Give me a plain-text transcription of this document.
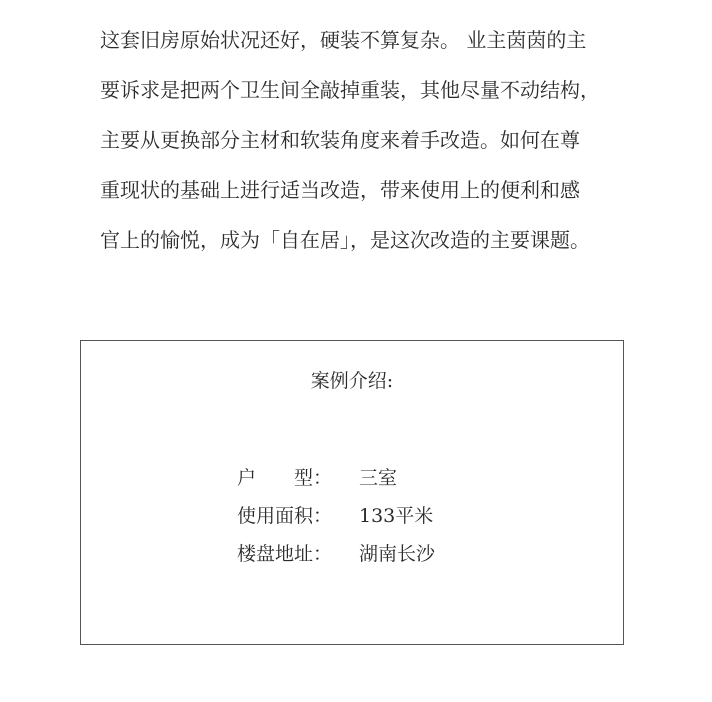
这套旧房原始状况还好，硬装不算复杂。 业主茵茵的主
要诉求是把两个卫生间全敲掉重装，其他尽量不动结构，
主要从更换部分主材和软装角度来着手改造。如何在尊
重现状的基础上进行适当改造，带来使用上的便利和感
官上的愉悦，成为「自在居」，是这次改造的主要课题。
案例介绍:
户　　型：	三室
使用面积：	133平米
楼盘地址：	湖南长沙
